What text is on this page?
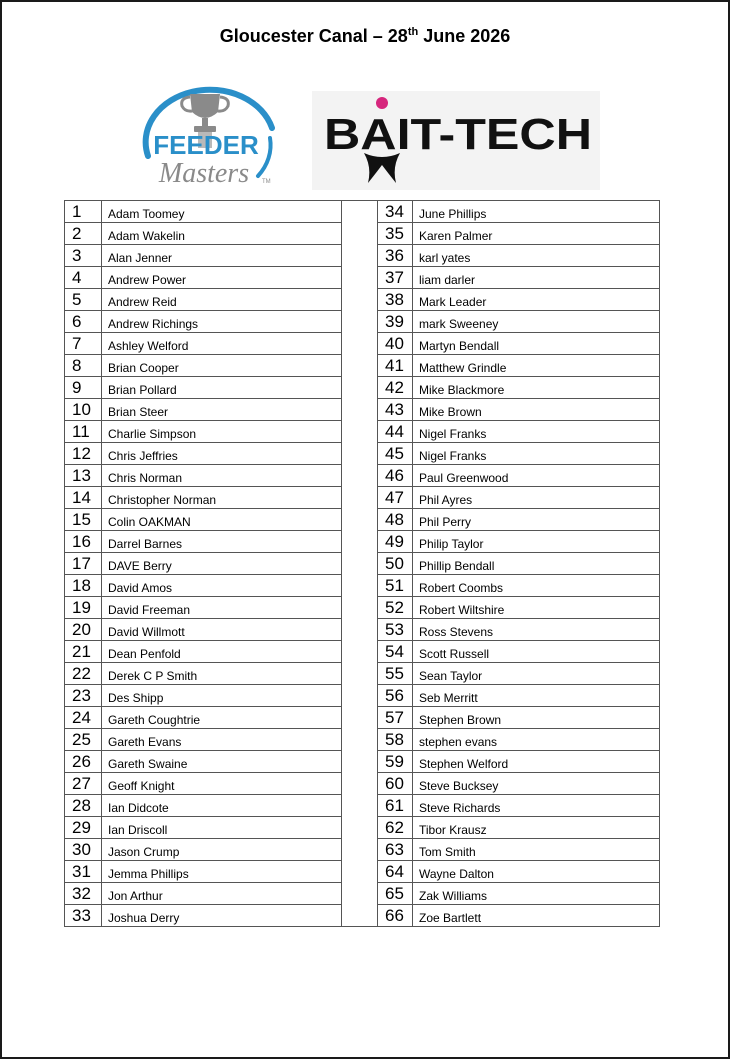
Gloucester Canal – 28th June 2026
FEEDER
Masters TM
BAIT-TECH
1	Adam Toomey		34	June Phillips
2	Adam Wakelin		35	Karen Palmer
3	Alan Jenner		36	karl yates
4	Andrew Power		37	liam darler
5	Andrew Reid		38	Mark Leader
6	Andrew Richings		39	mark Sweeney
7	Ashley Welford		40	Martyn Bendall
8	Brian Cooper		41	Matthew Grindle
9	Brian Pollard		42	Mike Blackmore
10	Brian Steer		43	Mike Brown
11	Charlie Simpson		44	Nigel Franks
12	Chris Jeffries		45	Nigel Franks
13	Chris Norman		46	Paul Greenwood
14	Christopher Norman		47	Phil Ayres
15	Colin OAKMAN		48	Phil Perry
16	Darrel Barnes		49	Philip Taylor
17	DAVE Berry		50	Phillip Bendall
18	David Amos		51	Robert Coombs
19	David Freeman		52	Robert Wiltshire
20	David Willmott		53	Ross Stevens
21	Dean Penfold		54	Scott Russell
22	Derek C P Smith		55	Sean Taylor
23	Des Shipp		56	Seb Merritt
24	Gareth Coughtrie		57	Stephen Brown
25	Gareth Evans		58	stephen evans
26	Gareth Swaine		59	Stephen Welford
27	Geoff Knight		60	Steve Bucksey
28	Ian Didcote		61	Steve Richards
29	Ian Driscoll		62	Tibor Krausz
30	Jason Crump		63	Tom Smith
31	Jemma Phillips		64	Wayne Dalton
32	Jon Arthur		65	Zak Williams
33	Joshua Derry		66	Zoe Bartlett
